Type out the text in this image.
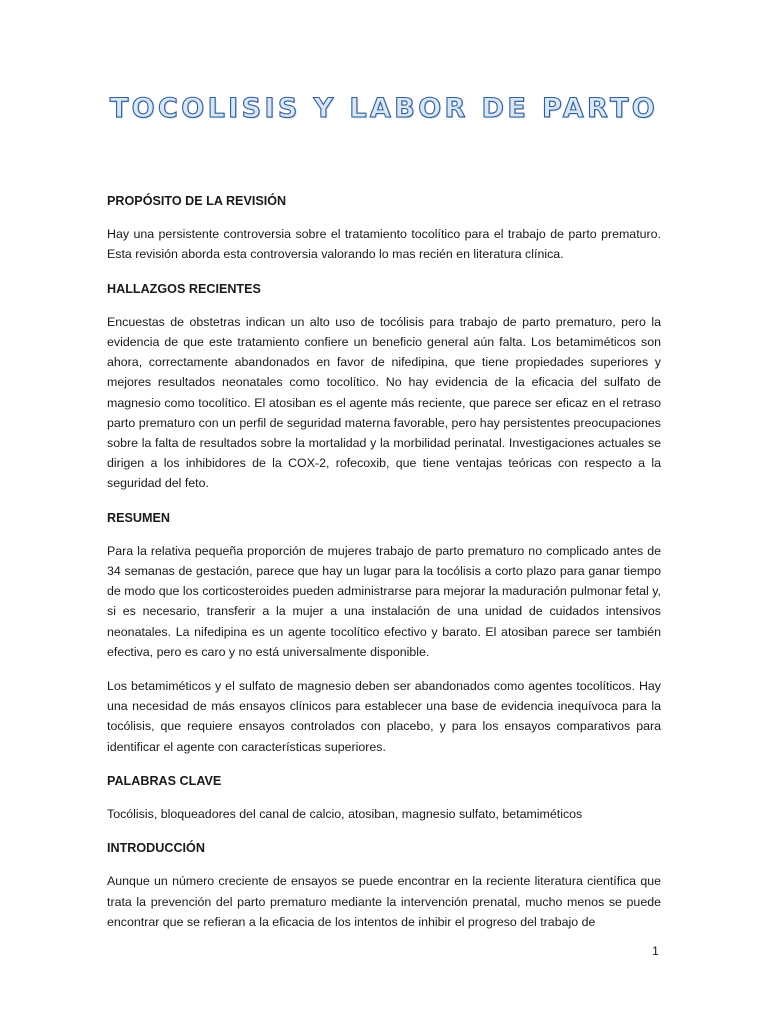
TOCOLISIS Y LABOR DE PARTO
PROPÓSITO DE LA REVISIÓN

Hay una persistente controversia sobre el tratamiento tocolítico para el trabajo de parto prematuro. Esta revisión aborda esta controversia valorando lo mas recién en literatura clínica.

HALLAZGOS RECIENTES

Encuestas de obstetras indican un alto uso de tocólisis para trabajo de parto prematuro, pero la evidencia de que este tratamiento confiere un beneficio general aún falta. Los betamiméticos son ahora, correctamente abandonados en favor de nifedipina, que tiene propiedades superiores y mejores resultados neonatales como tocolítico. No hay evidencia de la eficacia del sulfato de magnesio como tocolítico. El atosiban es el agente más reciente, que parece ser eficaz en el retraso parto prematuro con un perfil de seguridad materna favorable, pero hay persistentes preocupaciones sobre la falta de resultados sobre la mortalidad y la morbilidad perinatal. Investigaciones actuales se dirigen a los inhibidores de la COX-2, rofecoxib, que tiene ventajas teóricas con respecto a la seguridad del feto.

RESUMEN

Para la relativa pequeña proporción de mujeres trabajo de parto prematuro no complicado antes de 34 semanas de gestación, parece que hay un lugar para la tocólisis a corto plazo para ganar tiempo de modo que los corticosteroides pueden administrarse para mejorar la maduración pulmonar fetal y, si es necesario, transferir a la mujer a una instalación de una unidad de cuidados intensivos neonatales. La nifedipina es un agente tocolítico efectivo y barato. El atosiban parece ser también efectiva, pero es caro y no está universalmente disponible.

Los betamiméticos y el sulfato de magnesio deben ser abandonados como agentes tocolíticos. Hay una necesidad de más ensayos clínicos para establecer una base de evidencia inequívoca para la tocólisis, que requiere ensayos controlados con placebo, y para los ensayos comparativos para identificar el agente con características superiores.

PALABRAS CLAVE

Tocólisis, bloqueadores del canal de calcio, atosiban, magnesio sulfato, betamiméticos

INTRODUCCIÓN

Aunque un número creciente de ensayos se puede encontrar en la reciente literatura científica que trata la prevención del parto prematuro mediante la intervención prenatal, mucho menos se puede encontrar que se refieran a la eficacia de los intentos de inhibir el progreso del trabajo de

1
